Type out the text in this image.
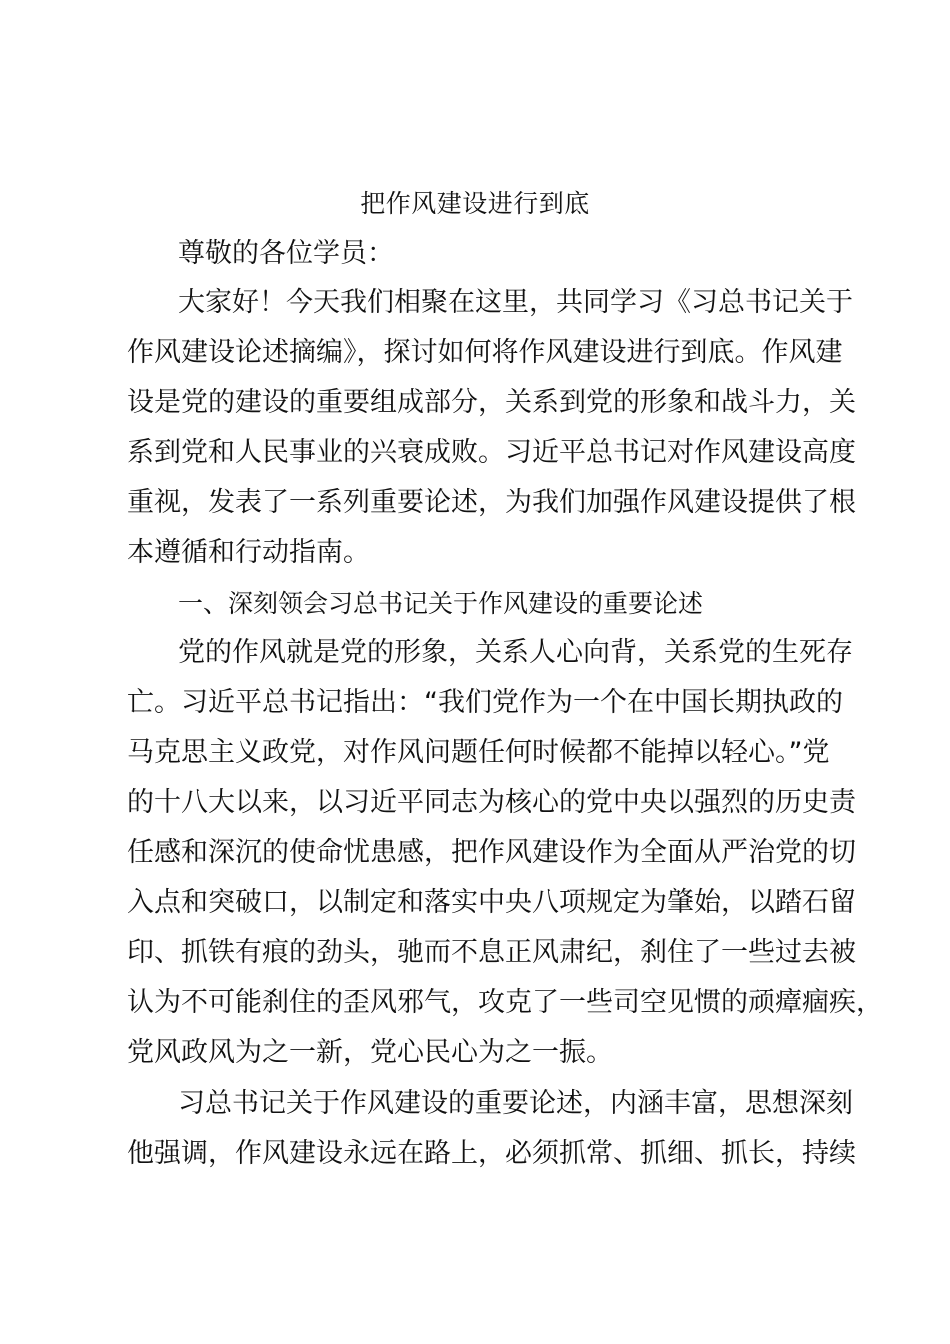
把作风建设进行到底
尊敬的各位学员：
大家好！今天我们相聚在这里，共同学习《习总书记关于
作风建设论述摘编》，探讨如何将作风建设进行到底。作风建
设是党的建设的重要组成部分，关系到党的形象和战斗力，关
系到党和人民事业的兴衰成败。习近平总书记对作风建设高度
重视，发表了一系列重要论述，为我们加强作风建设提供了根
本遵循和行动指南。
一、深刻领会习总书记关于作风建设的重要论述
党的作风就是党的形象，关系人心向背，关系党的生死存
亡。习近平总书记指出：“我们党作为一个在中国长期执政的
马克思主义政党，对作风问题任何时候都不能掉以轻心。”党
的十八大以来，以习近平同志为核心的党中央以强烈的历史责
任感和深沉的使命忧患感，把作风建设作为全面从严治党的切
入点和突破口，以制定和落实中央八项规定为肇始，以踏石留
印、抓铁有痕的劲头，驰而不息正风肃纪，刹住了一些过去被
认为不可能刹住的歪风邪气，攻克了一些司空见惯的顽瘴痼疾，
党风政风为之一新，党心民心为之一振。
习总书记关于作风建设的重要论述，内涵丰富，思想深刻
他强调，作风建设永远在路上，必须抓常、抓细、抓长，持续
